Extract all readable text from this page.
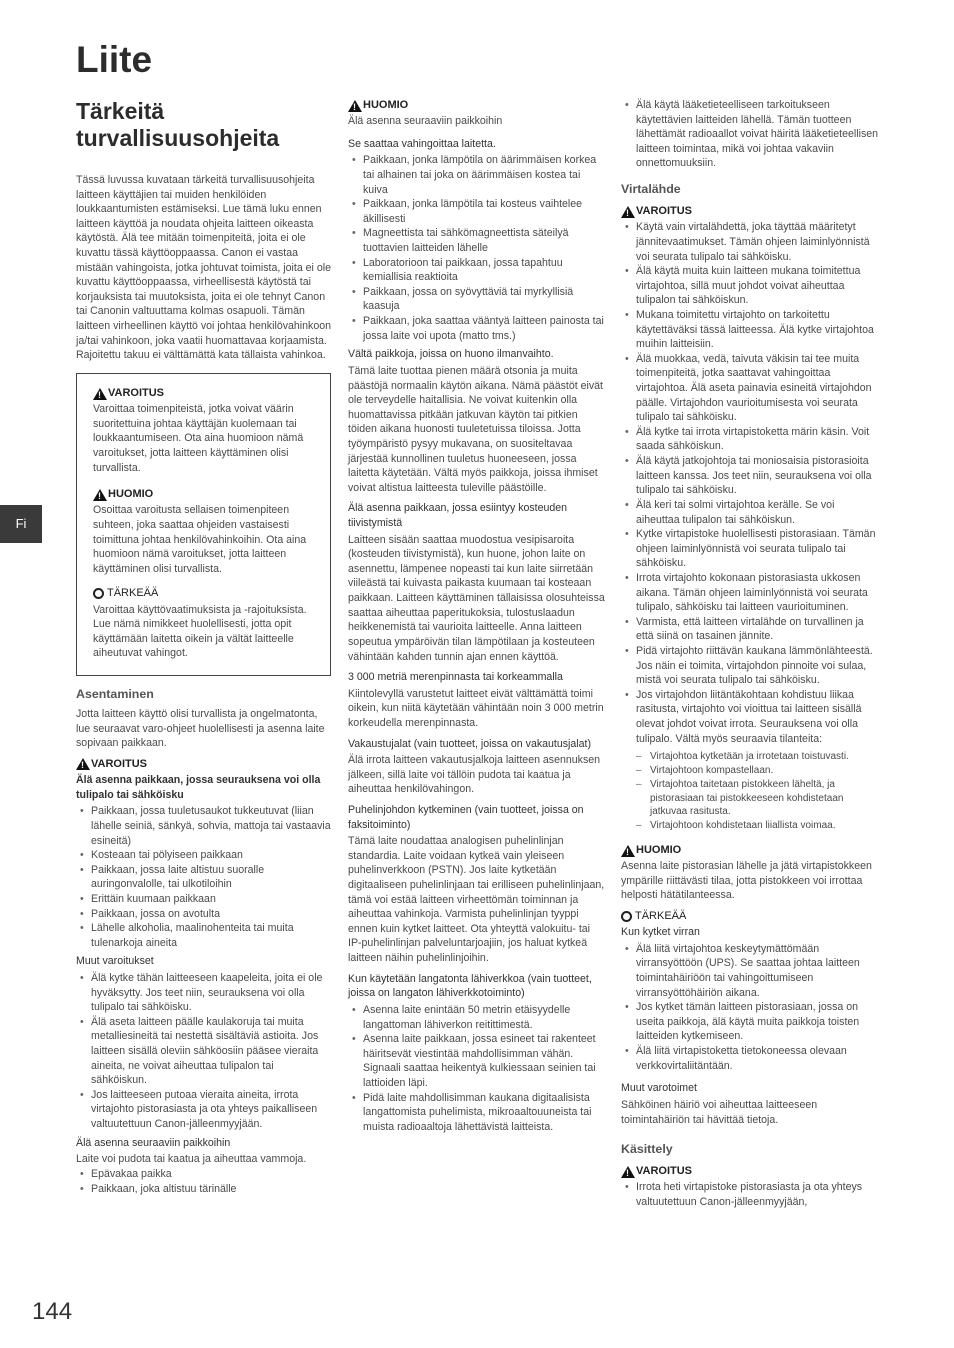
Liite
Tärkeitä turvallisuusohjeita
Fi
144

Tässä luvussa kuvataan tärkeitä turvallisuusohjeita laitteen käyttäjien tai muiden henkilöiden loukkaantumisten estämiseksi. Lue tämä luku ennen laitteen käyttöä ja noudata ohjeita laitteen oikeasta käytöstä. Älä tee mitään toimenpiteitä, joita ei ole kuvattu tässä käyttöoppaassa. Canon ei vastaa mistään vahingoista, jotka johtuvat toimista, joita ei ole kuvattu käyttöoppaassa, virheellisestä käytöstä tai korjauksista tai muutoksista, joita ei ole tehnyt Canon tai Canonin valtuuttama kolmas osapuoli. Tämän laitteen virheellinen käyttö voi johtaa henkilövahinkoon ja/tai vahinkoon, joka vaatii huomattavaa korjaamista. Rajoitettu takuu ei välttämättä kata tällaista vahinkoa.

!
VAROITUS

Varoittaa toimenpiteistä, jotka voivat väärin suoritettuina johtaa käyttäjän kuolemaan tai loukkaantumiseen. Ota aina huomioon nämä varoitukset, jotta laitteen käyttäminen olisi turvallista.

!
HUOMIO

Osoittaa varoitusta sellaisen toimenpiteen suhteen, joka saattaa ohjeiden vastaisesti toimittuna johtaa henkilövahinkoihin. Ota aina huomioon nämä varoitukset, jotta laitteen käyttäminen olisi turvallista.

TÄRKEÄÄ

Varoittaa käyttövaatimuksista ja -rajoituksista. Lue nämä nimikkeet huolellisesti, jotta opit käyttämään laitetta oikein ja vältät laitteelle aiheutuvat vahingot.

Asentaminen

Jotta laitteen käyttö olisi turvallista ja ongelmatonta, lue seuraavat varo-ohjeet huolellisesti ja asenna laite sopivaan paikkaan.

!
VAROITUS
Älä asenna paikkaan, jossa seurauksena voi olla tulipalo tai sähköisku
• Paikkaan, jossa tuuletusaukot tukkeutuvat (liian lähelle seiniä, sänkyä, sohvia, mattoja tai vastaavia esineitä)
• Kosteaan tai pölyiseen paikkaan
• Paikkaan, jossa laite altistuu suoralle auringonvalolle, tai ulkotiloihin
• Erittäin kuumaan paikkaan
• Paikkaan, jossa on avotulta
• Lähelle alkoholia, maalinohenteita tai muita tulenarkoja aineita
Muut varoitukset
• Älä kytke tähän laitteeseen kaapeleita, joita ei ole hyväksytty. Jos teet niin, seurauksena voi olla tulipalo tai sähköisku.
• Älä aseta laitteen päälle kaulakoruja tai muita metalliesineitä tai nestettä sisältäviä astioita. Jos laitteen sisällä oleviin sähköosiin pääsee vieraita aineita, ne voivat aiheuttaa tulipalon tai sähköiskun.
• Jos laitteeseen putoaa vieraita aineita, irrota virtajohto pistorasiasta ja ota yhteys paikalliseen valtuutettuun Canon-jälleenmyyjään.
Älä asenna seuraaviin paikkoihin

Laite voi pudota tai kaatua ja aiheuttaa vammoja.

• Epävakaa paikka
• Paikkaan, joka altistuu tärinälle
!
HUOMIO

Älä asenna seuraaviin paikkoihin

Se saattaa vahingoittaa laitetta.
• Paikkaan, jonka lämpötila on äärimmäisen korkea tai alhainen tai joka on äärimmäisen kostea tai kuiva
• Paikkaan, jonka lämpötila tai kosteus vaihtelee äkillisesti
• Magneettista tai sähkömagneettista säteilyä tuottavien laitteiden lähelle
• Laboratorioon tai paikkaan, jossa tapahtuu kemiallisia reaktioita
• Paikkaan, jossa on syövyttäviä tai myrkyllisiä kaasuja
• Paikkaan, joka saattaa vääntyä laitteen painosta tai jossa laite voi upota (matto tms.)
Vältä paikkoja, joissa on huono ilmanvaihto.

Tämä laite tuottaa pienen määrä otsonia ja muita päästöjä normaalin käytön aikana. Nämä päästöt eivät ole terveydelle haitallisia. Ne voivat kuitenkin olla huomattavissa pitkään jatkuvan käytön tai pitkien töiden aikana huonosti tuuletetuissa tiloissa. Jotta työympäristö pysyy mukavana, on suositeltavaa järjestää kunnollinen tuuletus huoneeseen, jossa laitetta käytetään. Vältä myös paikkoja, joissa ihmiset voivat altistua laitteesta tuleville päästöille.

Älä asenna paikkaan, jossa esiintyy kosteuden tiivistymistä

Laitteen sisään saattaa muodostua vesipisaroita (kosteuden tiivistymistä), kun huone, johon laite on asennettu, lämpenee nopeasti tai kun laite siirretään viileästä tai kuivasta paikasta kuumaan tai kosteaan paikkaan. Laitteen käyttäminen tällaisissa olosuhteissa saattaa aiheuttaa paperitukoksia, tulostuslaadun heikkenemistä tai vaurioita laitteelle. Anna laitteen sopeutua ympäröivän tilan lämpötilaan ja kosteuteen vähintään kahden tunnin ajan ennen käyttöä.

3 000 metriä merenpinnasta tai korkeammalla

Kiintolevyllä varustetut laitteet eivät välttämättä toimi oikein, kun niitä käytetään vähintään noin 3 000 metrin korkeudella merenpinnasta.

Vakaustujalat (vain tuotteet, joissa on vakautusjalat)

Älä irrota laitteen vakautusjalkoja laitteen asennuksen jälkeen, sillä laite voi tällöin pudota tai kaatua ja aiheuttaa henkilövahingon.

Puhelinjohdon kytkeminen (vain tuotteet, joissa on faksitoiminto)

Tämä laite noudattaa analogisen puhelinlinjan standardia. Laite voidaan kytkeä vain yleiseen puhelinverkkoon (PSTN). Jos laite kytketään digitaaliseen puhelinlinjaan tai erilliseen puhelinlinjaan, tämä voi estää laitteen virheettömän toiminnan ja aiheuttaa vahinkoja. Varmista puhelinlinjan tyyppi ennen kuin kytket laitteet. Ota yhteyttä valokuitu- tai IP-puhelinlinjan palveluntarjoajiin, jos haluat kytkeä laitteen näihin puhelinlinjoihin.

Kun käytetään langatonta lähiverkkoa (vain tuotteet, joissa on langaton lähiverkkotoiminto)
• Asenna laite enintään 50 metrin etäisyydelle langattoman lähiverkon reitittimestä.
• Asenna laite paikkaan, jossa esineet tai rakenteet häiritsevät viestintää mahdollisimman vähän. Signaali saattaa heikentyä kulkiessaan seinien tai lattioiden läpi.
• Pidä laite mahdollisimman kaukana digitaalisista langattomista puhelimista, mikroaaltouuneista tai muista radioaaltoja lähettävistä laitteista.
• Älä käytä lääketieteelliseen tarkoitukseen käytettävien laitteiden lähellä. Tämän tuotteen lähettämät radioaallot voivat häiritä lääketieteellisen laitteen toimintaa, mikä voi johtaa vakaviin onnettomuuksiin.
Virtalähde
!
VAROITUS
• Käytä vain virtalähdettä, joka täyttää määritetyt jännitevaatimukset. Tämän ohjeen laiminlyönnistä voi seurata tulipalo tai sähköisku.
• Älä käytä muita kuin laitteen mukana toimitettua virtajohtoa, sillä muut johdot voivat aiheuttaa tulipalon tai sähköiskun.
• Mukana toimitettu virtajohto on tarkoitettu käytettäväksi tässä laitteessa. Älä kytke virtajohtoa muihin laitteisiin.
• Älä muokkaa, vedä, taivuta väkisin tai tee muita toimenpiteitä, jotka saattavat vahingoittaa virtajohtoa. Älä aseta painavia esineitä virtajohdon päälle. Virtajohdon vaurioitumisesta voi seurata tulipalo tai sähköisku.
• Älä kytke tai irrota virtapistoketta märin käsin. Voit saada sähköiskun.
• Älä käytä jatkojohtoja tai moniosaisia pistorasioita laitteen kanssa. Jos teet niin, seurauksena voi olla tulipalo tai sähköisku.
• Älä keri tai solmi virtajohtoa kerälle. Se voi aiheuttaa tulipalon tai sähköiskun.
• Kytke virtapistoke huolellisesti pistorasiaan. Tämän ohjeen laiminlyönnistä voi seurata tulipalo tai sähköisku.
• Irrota virtajohto kokonaan pistorasiasta ukkosen aikana. Tämän ohjeen laiminlyönnistä voi seurata tulipalo, sähköisku tai laitteen vaurioituminen.
• Varmista, että laitteen virtalähde on turvallinen ja että siinä on tasainen jännite.
• Pidä virtajohto riittävän kaukana lämmönlähteestä. Jos näin ei toimita, virtajohdon pinnoite voi sulaa, mistä voi seurata tulipalo tai sähköisku.
• Jos virtajohdon liitäntäkohtaan kohdistuu liikaa rasitusta, virtajohto voi vioittua tai laitteen sisällä olevat johdot voivat irrota. Seurauksena voi olla tulipalo. Vältä myös seuraavia tilanteita:
– Virtajohtoa kytketään ja irrotetaan toistuvasti.
– Virtajohtoon kompastellaan.
– Virtajohtoa taitetaan pistokkeen läheltä, ja pistorasiaan tai pistokkeeseen kohdistetaan jatkuvaa rasitusta.
– Virtajohtoon kohdistetaan liiallista voimaa.
!
HUOMIO

Asenna laite pistorasian lähelle ja jätä virtapistokkeen ympärille riittävästi tilaa, jotta pistokkeen voi irrottaa helposti hätätilanteessa.

TÄRKEÄÄ
Kun kytket virran
• Älä liitä virtajohtoa keskeytymättömään virransyöttöön (UPS). Se saattaa johtaa laitteen toimintahäiriöön tai vahingoittumiseen virransyöttöhäiriön aikana.
• Jos kytket tämän laitteen pistorasiaan, jossa on useita paikkoja, älä käytä muita paikkoja toisten laitteiden kytkemiseen.
• Älä liitä virtapistoketta tietokoneessa olevaan verkkovirtaliitäntään.
Muut varotoimet

Sähköinen häiriö voi aiheuttaa laitteeseen toimintahäiriön tai hävittää tietoja.

Käsittely
!
VAROITUS
• Irrota heti virtapistoke pistorasiasta ja ota yhteys valtuutettuun Canon-jälleenmyyjään,
